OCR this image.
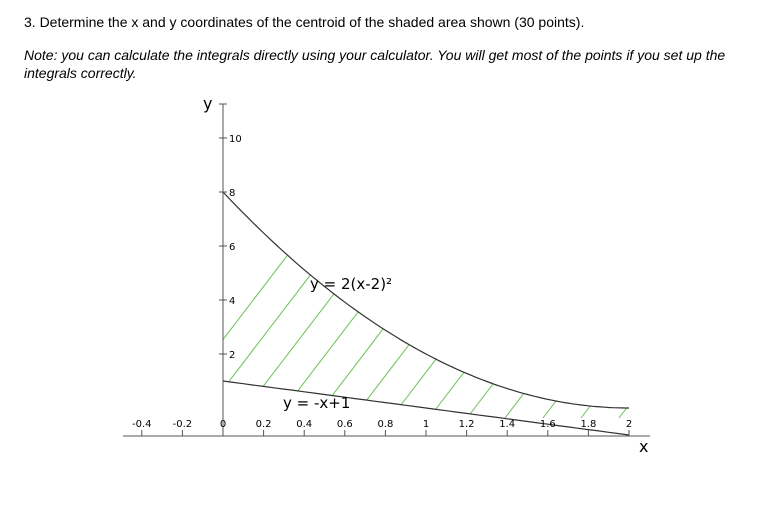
3. Determine the x and y coordinates of the centroid of the shaded area shown (30 points).
Note: you can calculate the integrals directly using your calculator. You will get most of the points if you set up the integrals correctly.
-0.4 -0.2	0	0.2 0.4 0.6 0.8	1	1.2 1.4 1.6 1.8	2
2
4
6
8
10
y
x
y = 2(x-2)²
y = -x+1
